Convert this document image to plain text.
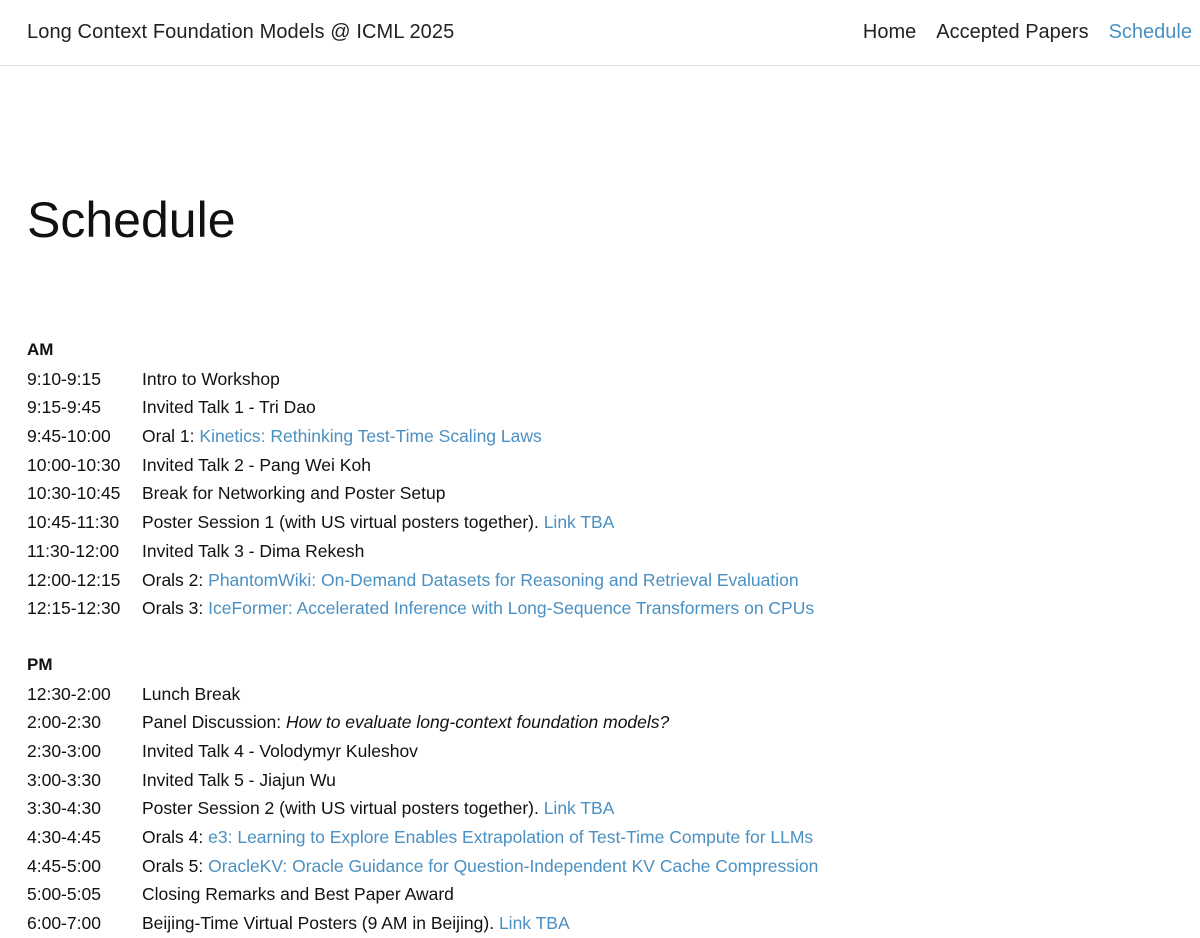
Long Context Foundation Models @ ICML 2025	Home Accepted Papers Schedule
Schedule
AM
9:10-9:15	Intro to Workshop
9:15-9:45	Invited Talk 1 - Tri Dao
9:45-10:00	Oral 1: Kinetics: Rethinking Test-Time Scaling Laws
10:00-10:30	Invited Talk 2 - Pang Wei Koh
10:30-10:45	Break for Networking and Poster Setup
10:45-11:30	Poster Session 1 (with US virtual posters together). Link TBA
11:30-12:00	Invited Talk 3 - Dima Rekesh
12:00-12:15	Orals 2: PhantomWiki: On-Demand Datasets for Reasoning and Retrieval Evaluation
12:15-12:30	Orals 3: IceFormer: Accelerated Inference with Long-Sequence Transformers on CPUs
PM
12:30-2:00	Lunch Break
2:00-2:30	Panel Discussion: How to evaluate long-context foundation models?
2:30-3:00	Invited Talk 4 - Volodymyr Kuleshov
3:00-3:30	Invited Talk 5 - Jiajun Wu
3:30-4:30	Poster Session 2 (with US virtual posters together). Link TBA
4:30-4:45	Orals 4: e3: Learning to Explore Enables Extrapolation of Test-Time Compute for LLMs
4:45-5:00	Orals 5: OracleKV: Oracle Guidance for Question-Independent KV Cache Compression
5:00-5:05	Closing Remarks and Best Paper Award
6:00-7:00	Beijing-Time Virtual Posters (9 AM in Beijing). Link TBA
